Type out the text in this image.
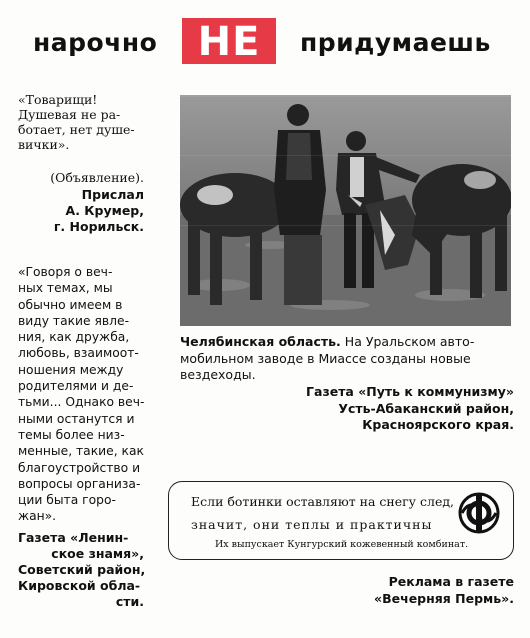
нарочно	НЕ	придумаешь
«Товарищи!
Душевая не ра-
ботает, нет душе-
вички».
(Объявление).
Прислал
А. Крумер,
г. Норильск.
«Говоря о веч-
ных темах, мы
обычно имеем в
виду такие явле-
ния, как дружба,
любовь, взаимоот-
ношения между
родителями и де-
тьми... Однако веч-
ными останутся и
темы более низ-
менные, такие, как
благоустройство и
вопросы организа-
ции быта горо-
жан».
Газета «Ленин-
ское знамя»,
Советский район,
Кировской обла-
сти.
Челябинская область. На Уральском автомобильном заводе в Миассе созданы новые вездеходы.
Газета «Путь к коммунизму»
Усть-Абаканский район,
Красноярского края.
Если ботинки оставляют на снегу след,
значит, они теплы и практичны
Их выпускает Кунгурский кожевенный комбинат.
Реклама в газете
«Вечерняя Пермь».
